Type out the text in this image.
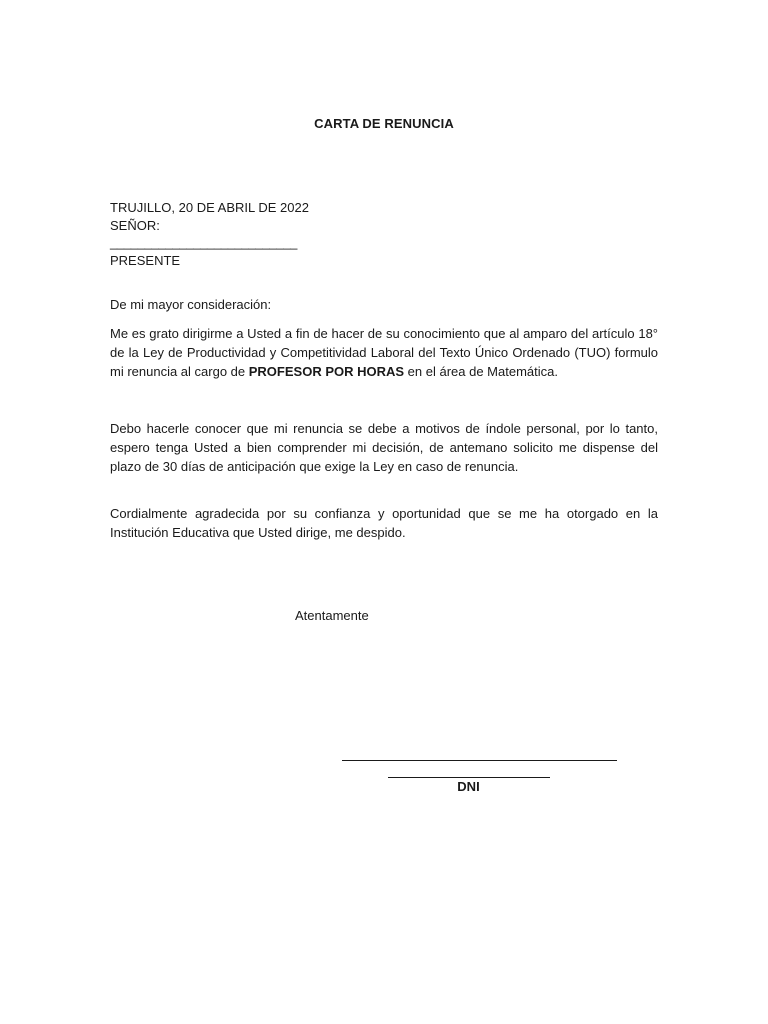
CARTA DE RENUNCIA
TRUJILLO, 20 DE ABRIL DE 2022
SEÑOR:
___________________________
PRESENTE
De mi mayor consideración:
Me es grato dirigirme a Usted a fin de hacer de su conocimiento que al amparo del artículo 18° de la Ley de Productividad y Competitividad Laboral del Texto Único Ordenado (TUO) formulo mi renuncia al cargo de PROFESOR POR HORAS en el área de Matemática.
Debo hacerle conocer que mi renuncia se debe a motivos de índole personal, por lo tanto, espero tenga Usted a bien comprender mi decisión, de antemano solicito me dispense del plazo de 30 días de anticipación que exige la Ley en caso de renuncia.
Cordialmente agradecida por su confianza y oportunidad que se me ha otorgado en la Institución Educativa que Usted dirige, me despido.
Atentamente
DNI
